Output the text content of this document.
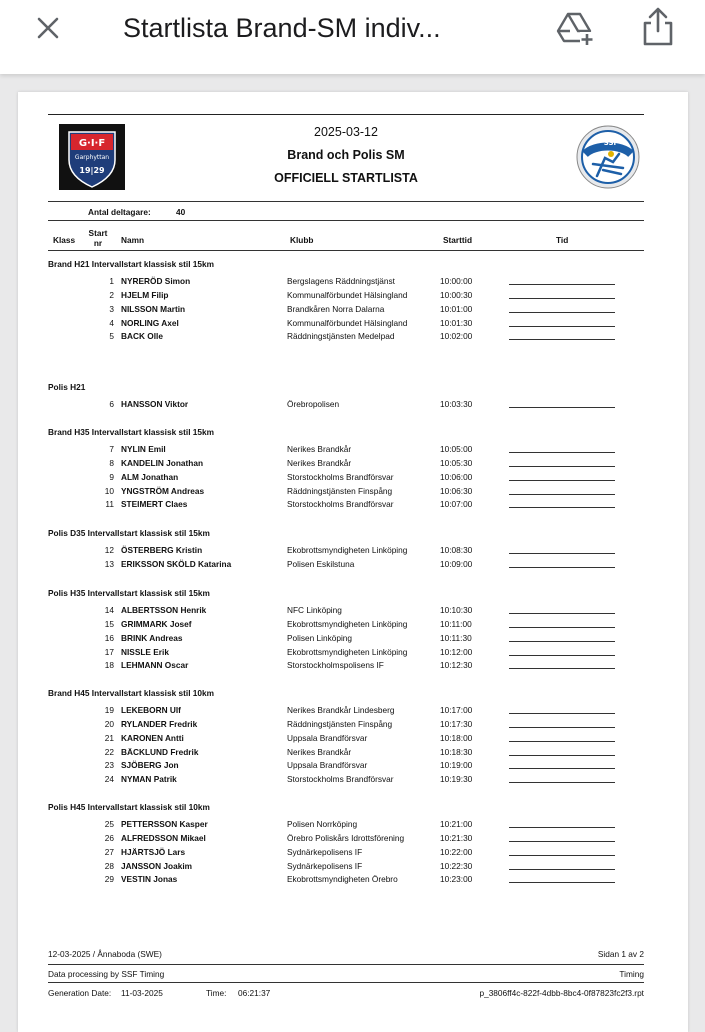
Startlista Brand-SM indiv...
G·I·F
Garphyttan
19|29
2025-03-12
Brand och Polis SM
OFFICIELL STARTLISTA
SSF
Antal deltagare:	40
Klass
Start
nr	Namn	Klubb	Starttid	Tid
Brand H21 Intervallstart klassisk stil 15km
1 NYRERÖD Simon	Bergslagens Räddningstjänst	10:00:00
2 HJELM Filip	Kommunalförbundet Hälsingland	10:00:30
3 NILSSON Martin	Brandkåren Norra Dalarna	10:01:00
4 NORLING Axel	Kommunalförbundet Hälsingland	10:01:30
5 BACK Olle	Räddningstjänsten Medelpad	10:02:00
Polis H21
6 HANSSON Viktor	Örebropolisen	10:03:30
Brand H35 Intervallstart klassisk stil 15km
7 NYLIN Emil	Nerikes Brandkår	10:05:00
8 KANDELIN Jonathan	Nerikes Brandkår	10:05:30
9 ALM Jonathan	Storstockholms Brandförsvar	10:06:00
10 YNGSTRÖM Andreas	Räddningstjänsten Finspång	10:06:30
11 STEIMERT Claes	Storstockholms Brandförsvar	10:07:00
Polis D35 Intervallstart klassisk stil 15km
12 ÖSTERBERG Kristin	Ekobrottsmyndigheten Linköping	10:08:30
13 ERIKSSON SKÖLD Katarina	Polisen Eskilstuna	10:09:00
Polis H35 Intervallstart klassisk stil 15km
14 ALBERTSSON Henrik	NFC Linköping	10:10:30
15 GRIMMARK Josef	Ekobrottsmyndigheten Linköping	10:11:00
16 BRINK Andreas	Polisen Linköping	10:11:30
17 NISSLE Erik	Ekobrottsmyndigheten Linköping	10:12:00
18 LEHMANN Oscar	Storstockholmspolisens IF	10:12:30
Brand H45 Intervallstart klassisk stil 10km
19 LEKEBORN Ulf	Nerikes Brandkår Lindesberg	10:17:00
20 RYLANDER Fredrik	Räddningstjänsten Finspång	10:17:30
21 KARONEN Antti	Uppsala Brandförsvar	10:18:00
22 BÄCKLUND Fredrik	Nerikes Brandkår	10:18:30
23 SJÖBERG Jon	Uppsala Brandförsvar	10:19:00
24 NYMAN Patrik	Storstockholms Brandförsvar	10:19:30
Polis H45 Intervallstart klassisk stil 10km
25 PETTERSSON Kasper	Polisen Norrköping	10:21:00
26 ALFREDSSON Mikael	Örebro Poliskårs Idrottsförening	10:21:30
27 HJÄRTSJÖ Lars	Sydnärkepolisens IF	10:22:00
28 JANSSON Joakim	Sydnärkepolisens IF	10:22:30
29 VESTIN Jonas	Ekobrottsmyndigheten Örebro	10:23:00
12-03-2025 / Ånnaboda (SWE)	Sidan 1 av 2
Data processing by SSF Timing	Timing
Generation Date: 11-03-2025	Time: 06:21:37	p_3806ff4c-822f-4dbb-8bc4-0f87823fc2f3.rpt
